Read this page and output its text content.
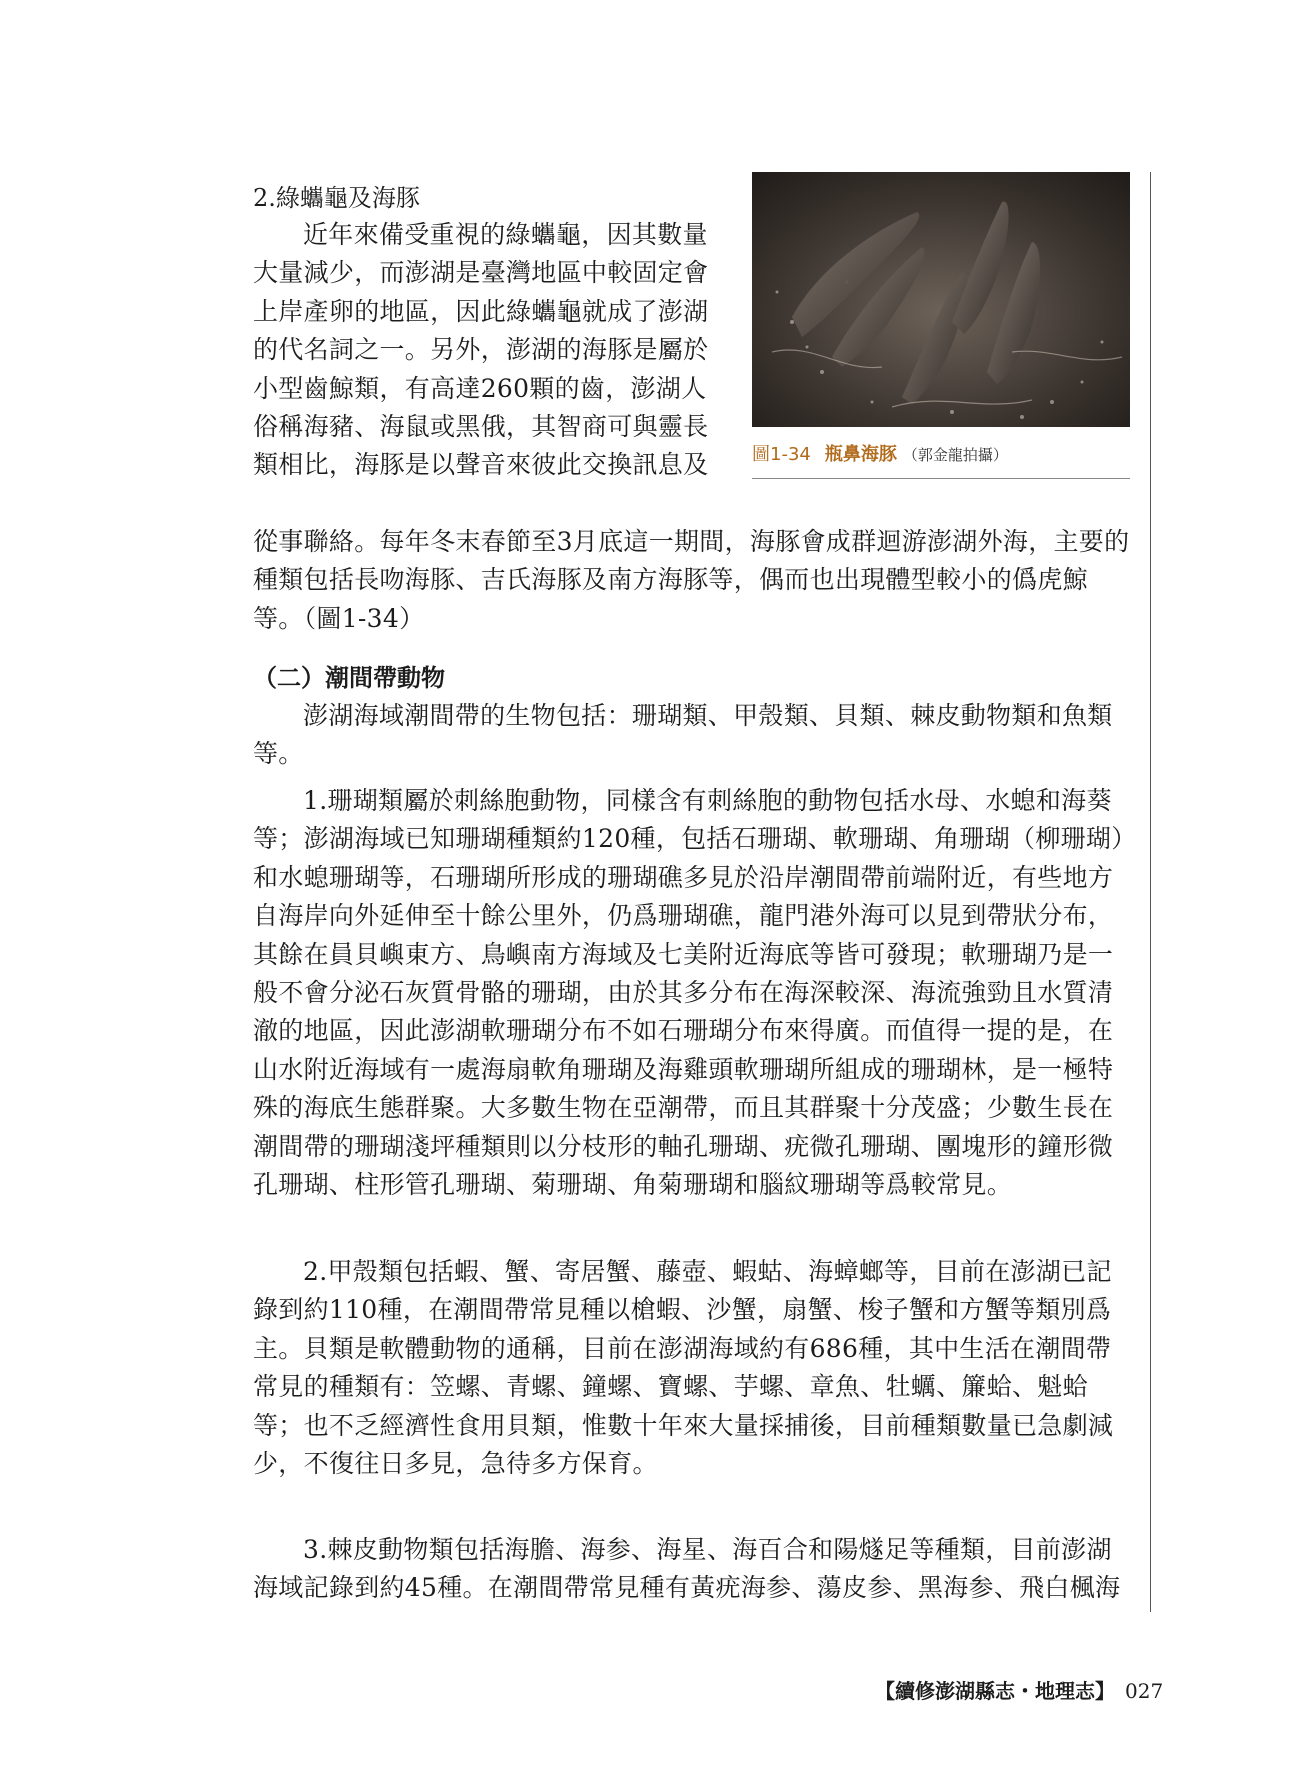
2.綠蠵龜及海豚
近年來備受重視的綠蠵龜，因其數量大量減少，而澎湖是臺灣地區中較固定會上岸產卵的地區，因此綠蠵龜就成了澎湖的代名詞之一。另外，澎湖的海豚是屬於小型齒鯨類，有高達260顆的齒，澎湖人俗稱海豬、海鼠或黑俄，其智商可與靈長類相比，海豚是以聲音來彼此交換訊息及	圖1-34 瓶鼻海豚 （郭金龍拍攝）
從事聯絡。每年冬末春節至3月底這一期間，海豚會成群迴游澎湖外海，主要的種類包括長吻海豚、吉氏海豚及南方海豚等，偶而也出現體型較小的僞虎鯨等。（圖1-34）
（二）潮間帶動物
澎湖海域潮間帶的生物包括：珊瑚類、甲殼類、貝類、棘皮動物類和魚類等。
1.珊瑚類屬於刺絲胞動物，同樣含有刺絲胞的動物包括水母、水螅和海葵等；澎湖海域已知珊瑚種類約120種，包括石珊瑚、軟珊瑚、角珊瑚（柳珊瑚）和水螅珊瑚等，石珊瑚所形成的珊瑚礁多見於沿岸潮間帶前端附近，有些地方自海岸向外延伸至十餘公里外，仍爲珊瑚礁，龍門港外海可以見到帶狀分布，其餘在員貝嶼東方、鳥嶼南方海域及七美附近海底等皆可發現；軟珊瑚乃是一般不會分泌石灰質骨骼的珊瑚，由於其多分布在海深較深、海流強勁且水質清澈的地區，因此澎湖軟珊瑚分布不如石珊瑚分布來得廣。而值得一提的是，在山水附近海域有一處海扇軟角珊瑚及海雞頭軟珊瑚所組成的珊瑚林，是一極特殊的海底生態群聚。大多數生物在亞潮帶，而且其群聚十分茂盛；少數生長在潮間帶的珊瑚淺坪種類則以分枝形的軸孔珊瑚、疣微孔珊瑚、團塊形的鐘形微孔珊瑚、柱形管孔珊瑚、菊珊瑚、角菊珊瑚和腦紋珊瑚等爲較常見。
2.甲殼類包括蝦、蟹、寄居蟹、藤壺、蝦蛄、海蟑螂等，目前在澎湖已記錄到約110種，在潮間帶常見種以槍蝦、沙蟹，扇蟹、梭子蟹和方蟹等類別爲主。貝類是軟體動物的通稱，目前在澎湖海域約有686種，其中生活在潮間帶常見的種類有：笠螺、青螺、鐘螺、寶螺、芋螺、章魚、牡蠣、簾蛤、魁蛤等；也不乏經濟性食用貝類，惟數十年來大量採捕後，目前種類數量已急劇減少，不復往日多見，急待多方保育。
3.棘皮動物類包括海膽、海参、海星、海百合和陽燧足等種類，目前澎湖海域記錄到約45種。在潮間帶常見種有黃疣海参、蕩皮参、黑海参、飛白楓海
【續修澎湖縣志・地理志】 027
